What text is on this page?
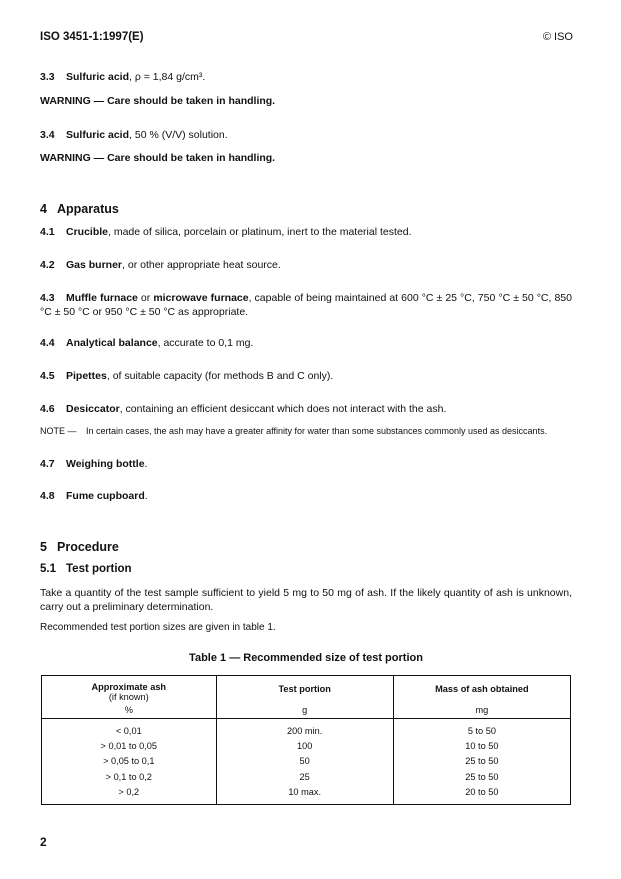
ISO 3451-1:1997(E)	© ISO
3.3 Sulfuric acid, ρ = 1,84 g/cm³.
WARNING — Care should be taken in handling.
3.4 Sulfuric acid, 50 % (V/V) solution.
WARNING — Care should be taken in handling.
4 Apparatus
4.1 Crucible, made of silica, porcelain or platinum, inert to the material tested.
4.2 Gas burner, or other appropriate heat source.
4.3 Muffle furnace or microwave furnace, capable of being maintained at 600 °C ± 25 °C, 750 °C ± 50 °C, 850 °C ± 50 °C or 950 °C ± 50 °C as appropriate.
4.4 Analytical balance, accurate to 0,1 mg.
4.5 Pipettes, of suitable capacity (for methods B and C only).
4.6 Desiccator, containing an efficient desiccant which does not interact with the ash.
NOTE — In certain cases, the ash may have a greater affinity for water than some substances commonly used as desiccants.
4.7 Weighing bottle.
4.8 Fume cupboard.
5 Procedure
5.1 Test portion
Take a quantity of the test sample sufficient to yield 5 mg to 50 mg of ash. If the likely quantity of ash is unknown, carry out a preliminary determination.
Recommended test portion sizes are given in table 1.
Table 1 — Recommended size of test portion
Approximate ash
(if known)	Test portion	Mass of ash obtained
%	g	mg
< 0,01	200 min.	5 to 50
> 0,01 to 0,05	100	10 to 50
> 0,05 to 0,1	50	25 to 50
> 0,1 to 0,2	25	25 to 50
> 0,2	10 max.	20 to 50
2
